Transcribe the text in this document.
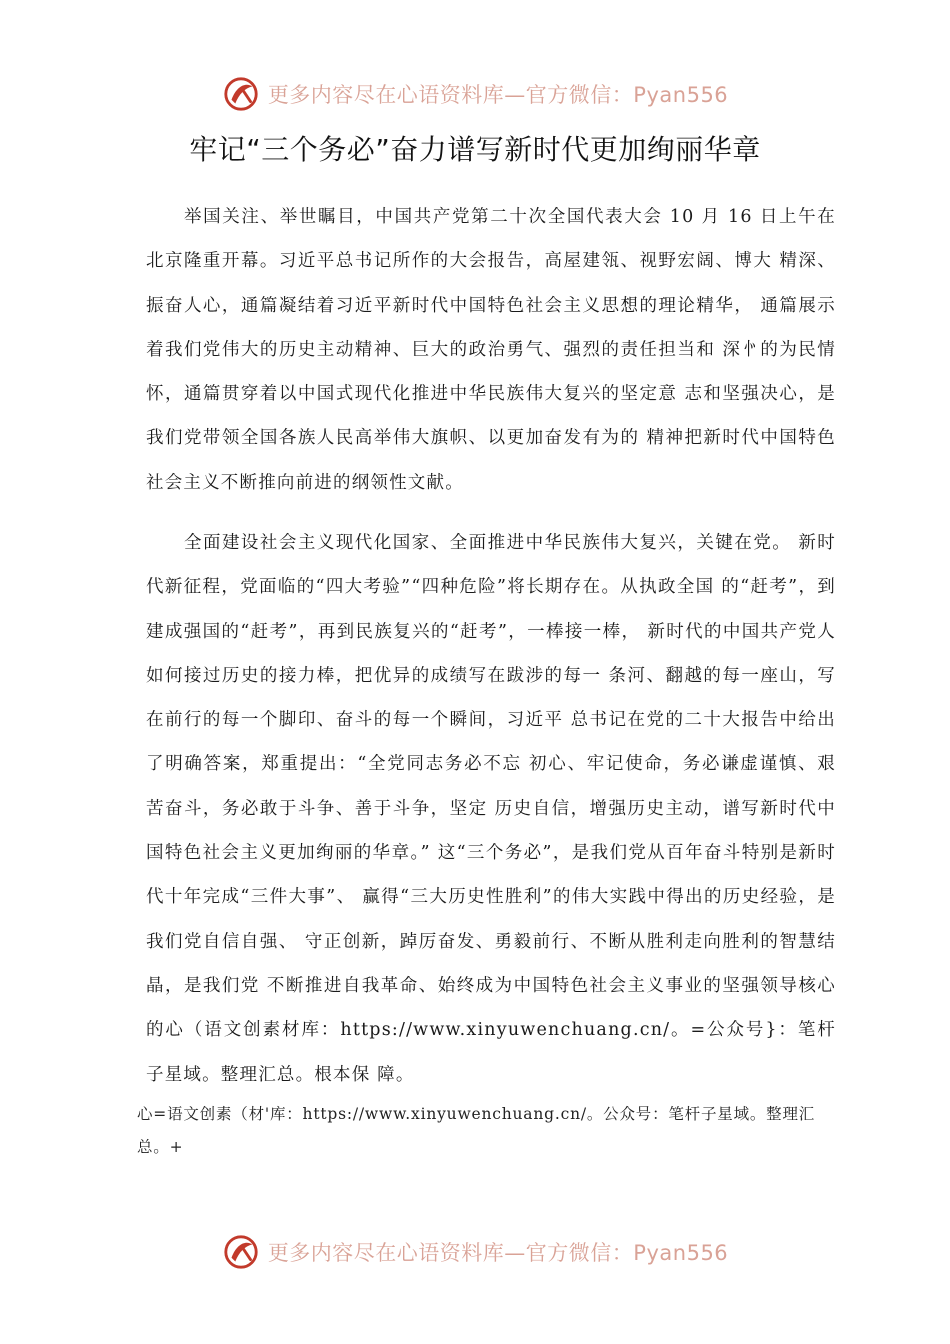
更多内容尽在心语资料库—官方微信：Pyan556
牢记“三个务必”奋力谱写新时代更加绚丽华章

举国关注、举世瞩目，中国共产党第二十次全国代表大会 10 月 16 日上午在北京隆重开幕。习近平总书记所作的大会报告，高屋建瓴、视野宏阔、博大 精深、振奋人心，通篇凝结着习近平新时代中国特色社会主义思想的理论精华， 通篇展示着我们党伟大的历史主动精神、巨大的政治勇气、强烈的责任担当和 深㣺的为民情怀，通篇贯穿着以中国式现代化推进中华民族伟大复兴的坚定意 志和坚强决心，是我们党带领全国各族人民高举伟大旗帜、以更加奋发有为的 精神把新时代中国特色社会主义不断推向前进的纲领性文献。

全面建设社会主义现代化国家、全面推进中华民族伟大复兴，关键在党。 新时代新征程，党面临的“四大考验”“四种危险”将长期存在。从执政全国 的“赶考”，到建成强国的“赶考”，再到民族复兴的“赶考”，一棒接一棒， 新时代的中国共产党人如何接过历史的接力棒，把优异的成绩写在跋涉的每一 条河、翻越的每一座山，写在前行的每一个脚印、奋斗的每一个瞬间，习近平 总书记在党的二十大报告中给出了明确答案，郑重提出：“全党同志务必不忘 初心、牢记使命，务必谦虚谨慎、艰苦奋斗，务必敢于斗争、善于斗争，坚定 历史自信，增强历史主动，谱写新时代中国特色社会主义更加绚丽的华章。” 这“三个务必”，是我们党从百年奋斗特别是新时代十年完成“三件大事”、 赢得“三大历史性胜利”的伟大实践中得出的历史经验，是我们党自信自强、 守正创新，踔厉奋发、勇毅前行、不断从胜利走向胜利的智慧结晶，是我们党 不断推进自我革命、始终成为中国特色社会主义事业的坚强领导核心的心（语文创素材库：https://www.xinyuwenchuang.cn/。=公众号}：笔杆子星域。整理汇总。根本保 障。

心=语文创素（材'库：https://www.xinyuwenchuang.cn/。公众号：笔杆子星域。整理汇总。+

更多内容尽在心语资料库—官方微信：Pyan556
